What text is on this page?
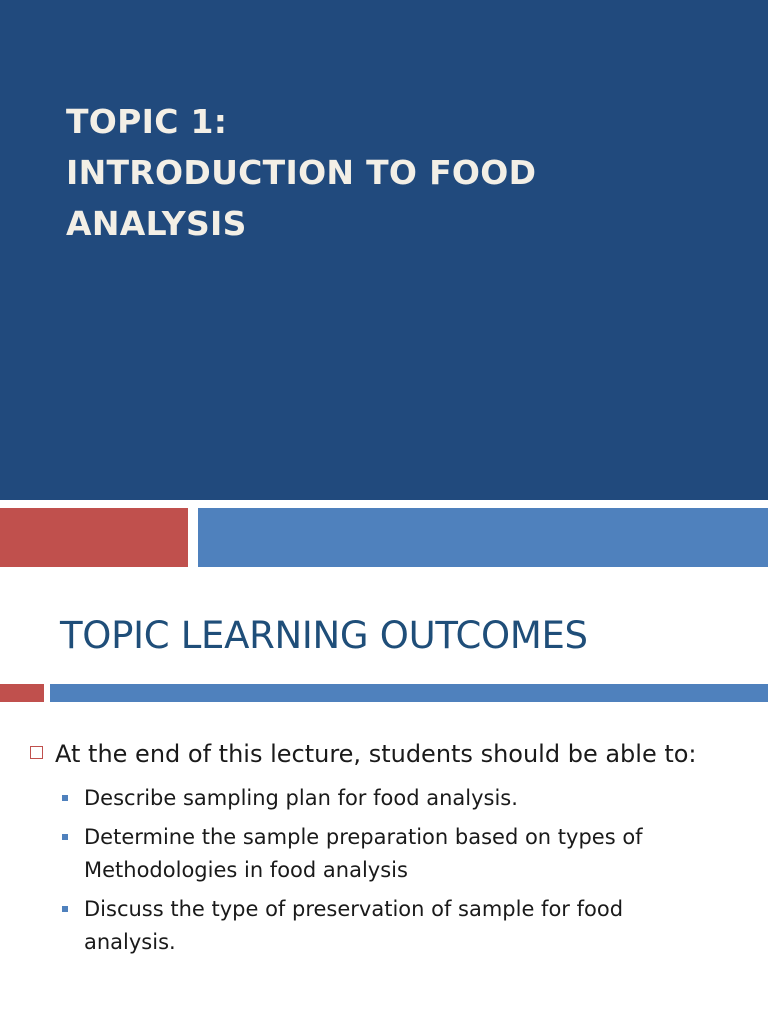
TOPIC 1:
INTRODUCTION TO FOOD
ANALYSIS
TOPIC LEARNING OUTCOMES
At the end of this lecture, students should be able to:
Describe sampling plan for food analysis.
Determine the sample preparation based on types of
Methodologies in food analysis
Discuss the type of preservation of sample for food
analysis.
